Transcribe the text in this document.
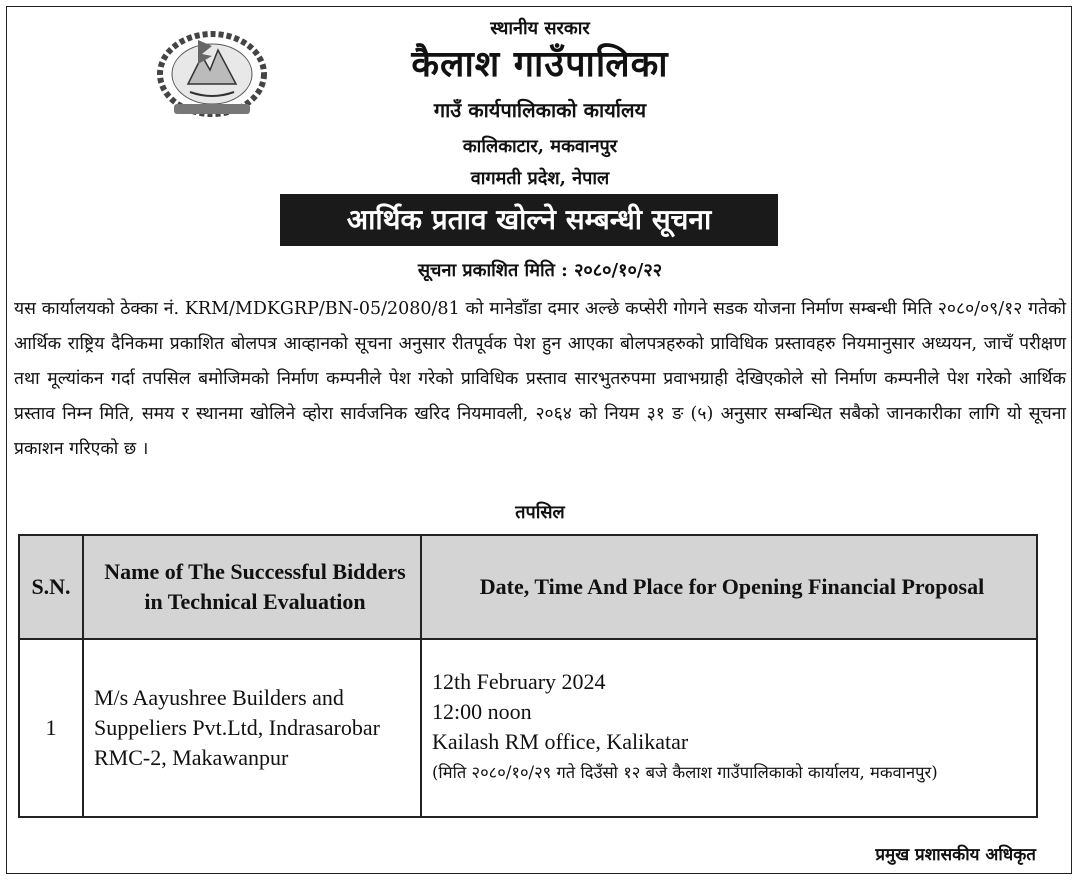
स्थानीय सरकार
कैलाश गाउँपालिका
गाउँ कार्यपालिकाको कार्यालय
कालिकाटार, मकवानपुर
वागमती प्रदेश, नेपाल
आर्थिक प्रताव खोल्ने सम्बन्धी सूचना
सूचना प्रकाशित मिति : २०८०/१०/२२

यस कार्यालयको ठेक्का नं. KRM/MDKGRP/BN-05/2080/81 को मानेडाँडा दमार अल्छे कप्सेरी गोगने सडक योजना निर्माण सम्बन्धी मिति २०८०/०९/१२ गतेको आर्थिक राष्ट्रिय दैनिकमा प्रकाशित बोलपत्र आव्हानको सूचना अनुसार रीतपूर्वक पेश हुन आएका बोलपत्रहरुको प्राविधिक प्रस्तावहरु नियमानुसार अध्ययन, जाचँ परीक्षण तथा मूल्यांकन गर्दा तपसिल बमोजिमको निर्माण कम्पनीले पेश गरेको प्राविधिक प्रस्ताव सारभुतरुपमा प्रवाभग्राही देखिएकोले सो निर्माण कम्पनीले पेश गरेको आर्थिक प्रस्ताव निम्न मिति, समय र स्थानमा खोलिने व्होरा सार्वजनिक खरिद नियमावली, २०६४ को नियम ३१ ङ (५) अनुसार सम्बन्धित सबैको जानकारीका लागि यो सूचना प्रकाशन गरिएको छ ।

तपसिल
S.N.	Name of The Successful Bidders in Technical Evaluation	Date, Time And Place for Opening Financial Proposal
1	M/s Aayushree Builders and Suppeliers Pvt.Ltd, Indrasarobar RMC-2, Makawanpur	12th February 2024
12:00 noon
Kailash RM office, Kalikatar
(मिति २०८०/१०/२९ गते दिउँसो १२ बजे कैलाश गाउँपालिकाको कार्यालय, मकवानपुर)
प्रमुख प्रशासकीय अधिकृत
